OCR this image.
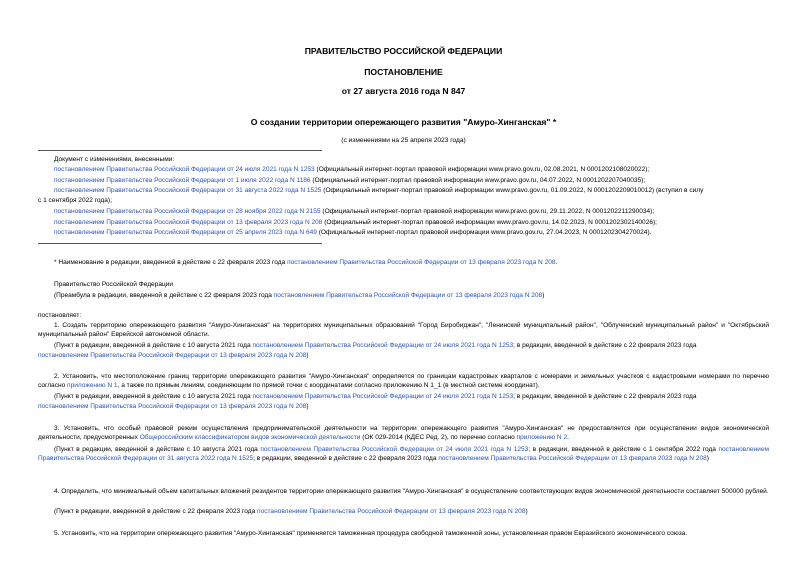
ПРАВИТЕЛЬСТВО РОССИЙСКОЙ ФЕДЕРАЦИИ
ПОСТАНОВЛЕНИЕ
от 27 августа 2016 года N 847
О создании территории опережающего развития "Амуро-Хинганская" *
(с изменениями на 25 апреля 2023 года)
Документ с изменениями, внесенными:
постановлением Правительства Российской Федерации от 24 июля 2021 года N 1253 (Официальный интернет-портал правовой информации www.pravo.gov.ru, 02.08.2021, N 0001202108020022);
постановлением Правительства Российской Федерации от 1 июля 2022 года N 1186 (Официальный интернет-портал правовой информации www.pravo.gov.ru, 04.07.2022, N 0001202207040035);
постановлением Правительства Российской Федерации от 31 августа 2022 года N 1525 (Официальный интернет-портал правовой информации www.pravo.gov.ru, 01.09.2022, N 0001202209010012) (вступил в силу
с 1 сентября 2022 года);
постановлением Правительства Российской Федерации от 28 ноября 2022 года N 2155 (Официальный интернет-портал правовой информации www.pravo.gov.ru, 29.11.2022, N 0001202211290034);
постановлением Правительства Российской Федерации от 13 февраля 2023 года N 208 (Официальный интернет-портал правовой информации www.pravo.gov.ru, 14.02.2023, N 0001202302140026);
постановлением Правительства Российской Федерации от 25 апреля 2023 года N 649 (Официальный интернет-портал правовой информации www.pravo.gov.ru, 27.04.2023, N 0001202304270024).
* Наименование в редакции, введенной в действие с 22 февраля 2023 года постановлением Правительства Российской Федерации от 13 февраля 2023 года N 208.
Правительство Российской Федерации
(Преамбула в редакции, введенной в действие с 22 февраля 2023 года постановлением Правительства Российской Федерации от 13 февраля 2023 года N 208)
постановляет:
1. Создать территорию опережающего развития "Амуро-Хинганская" на территориях муниципальных образований "Город Биробиджан", "Ленинский муниципальный район", "Облученский муниципальный район" и "Октябрьский муниципальный район" Еврейской автономной области.
(Пункт в редакции, введенной в действие с 10 августа 2021 года постановлением Правительства Российской Федерации от 24 июля 2021 года N 1253; в редакции, введенной в действие с 22 февраля 2023 года
постановлением Правительства Российской Федерации от 13 февраля 2023 года N 208)
2. Установить, что местоположение границ территории опережающего развития "Амуро-Хинганская" определяется по границам кадастровых кварталов с номерами и земельных участков с кадастровыми номерами по перечню согласно приложению N 1, а также по прямым линиям, соединяющим по прямой точки с координатами согласно приложению N 1_1 (в местной системе координат).
(Пункт в редакции, введенной в действие с 10 августа 2021 года постановлением Правительства Российской Федерации от 24 июля 2021 года N 1253; в редакции, введенной в действие с 22 февраля 2023 года
постановлением Правительства Российской Федерации от 13 февраля 2023 года N 208)
3. Установить, что особый правовой режим осуществления предпринимательской деятельности на территории опережающего развития "Амуро-Хинганская" не предоставляется при осуществлении видов экономической деятельности, предусмотренных Общероссийским классификатором видов экономической деятельности (ОК 029-2014 (КДЕС Ред. 2), по перечню согласно приложению N 2.
(Пункт в редакции, введенной в действие с 10 августа 2021 года постановлением Правительства Российской Федерации от 24 июля 2021 года N 1253; в редакции, введенной в действие с 1 сентября 2022 года постановлением Правительства Российской Федерации от 31 августа 2022 года N 1525; в редакции, введенной в действие с 22 февраля 2023 года постановлением Правительства Российской Федерации от 13 февраля 2023 года N 208)
4. Определить, что минимальный объем капитальных вложений резидентов территории опережающего развития "Амуро-Хинганская" в осуществление соответствующих видов экономической деятельности составляет 500000 рублей.
(Пункт в редакции, введенной в действие с 22 февраля 2023 года постановлением Правительства Российской Федерации от 13 февраля 2023 года N 208)
5. Установить, что на территории опережающего развития "Амуро-Хинганская" применяется таможенная процедура свободной таможенной зоны, установленная правом Евразийского экономического союза.
